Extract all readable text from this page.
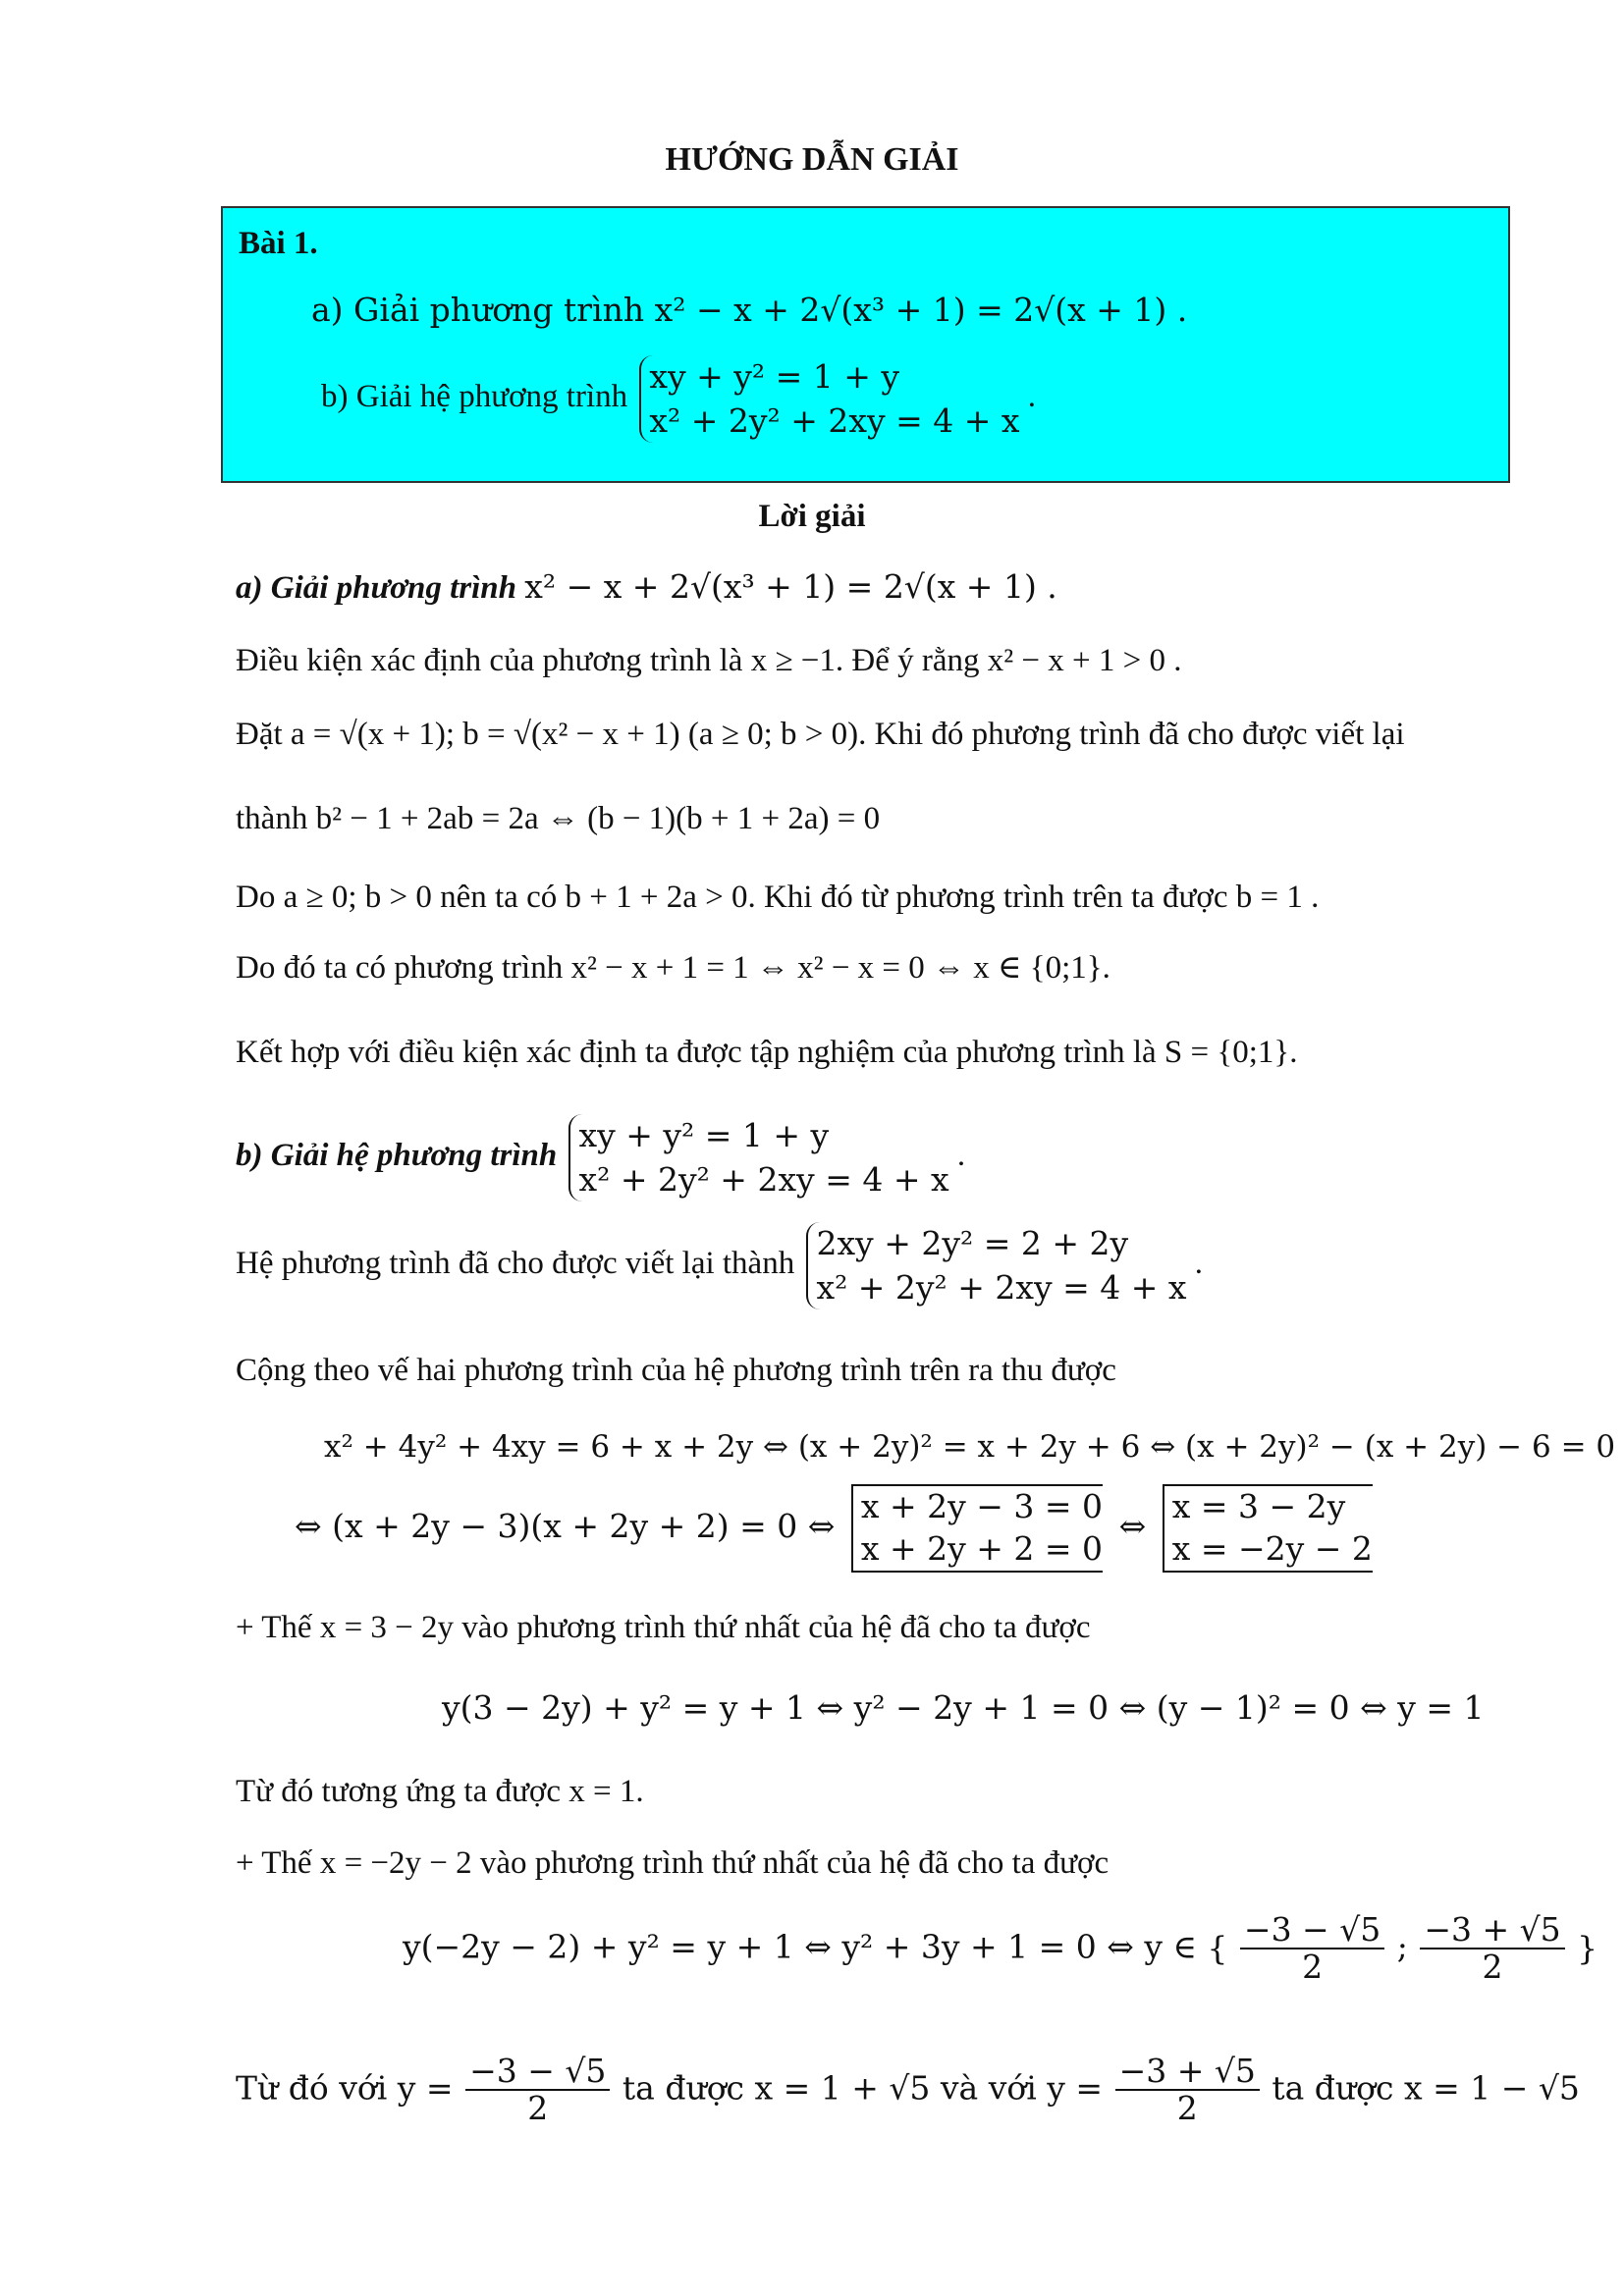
HƯỚNG DẪN GIẢI
Bài 1.
a) Giải phương trình x² − x + 2√(x³ + 1) = 2√(x + 1) .
b) Giải hệ phương trình
xy + y² = 1 + y
x² + 2y² + 2xy = 4 + x
.
Lời giải
a) Giải phương trình x² − x + 2√(x³ + 1) = 2√(x + 1) .
Điều kiện xác định của phương trình là x ≥ −1. Để ý rằng x² − x + 1 > 0 .
Đặt a = √(x + 1); b = √(x² − x + 1) (a ≥ 0; b > 0). Khi đó phương trình đã cho được viết lại
thành b² − 1 + 2ab = 2a ⇔ (b − 1)(b + 1 + 2a) = 0
Do a ≥ 0; b > 0 nên ta có b + 1 + 2a > 0. Khi đó từ phương trình trên ta được b = 1 .
Do đó ta có phương trình x² − x + 1 = 1 ⇔ x² − x = 0 ⇔ x ∈ {0;1}.
Kết hợp với điều kiện xác định ta được tập nghiệm của phương trình là S = {0;1}.
b) Giải hệ phương trình
xy + y² = 1 + y
x² + 2y² + 2xy = 4 + x
.
Hệ phương trình đã cho được viết lại thành
2xy + 2y² = 2 + 2y
x² + 2y² + 2xy = 4 + x
.
Cộng theo vế hai phương trình của hệ phương trình trên ra thu được
x² + 4y² + 4xy = 6 + x + 2y ⇔ (x + 2y)² = x + 2y + 6 ⇔ (x + 2y)² − (x + 2y) − 6 = 0
⇔ (x + 2y − 3)(x + 2y + 2) = 0 ⇔
x + 2y − 3 = 0
x + 2y + 2 = 0
⇔
x = 3 − 2y
x = −2y − 2
+ Thế x = 3 − 2y vào phương trình thứ nhất của hệ đã cho ta được
y(3 − 2y) + y² = y + 1 ⇔ y² − 2y + 1 = 0 ⇔ (y − 1)² = 0 ⇔ y = 1
Từ đó tương ứng ta được x = 1.
+ Thế x = −2y − 2 vào phương trình thứ nhất của hệ đã cho ta được
y(−2y − 2) + y² = y + 1 ⇔ y² + 3y + 1 = 0 ⇔ y ∈ { $\frac{-3 - √5}{2}$ ; $\frac{-3 + √5}{2}$ }
Từ đó với $y = \frac{-3 - √5}{2}$ ta được x = 1 + √5 và với $y = \frac{-3 + √5}{2}$ ta được x = 1 − √5
